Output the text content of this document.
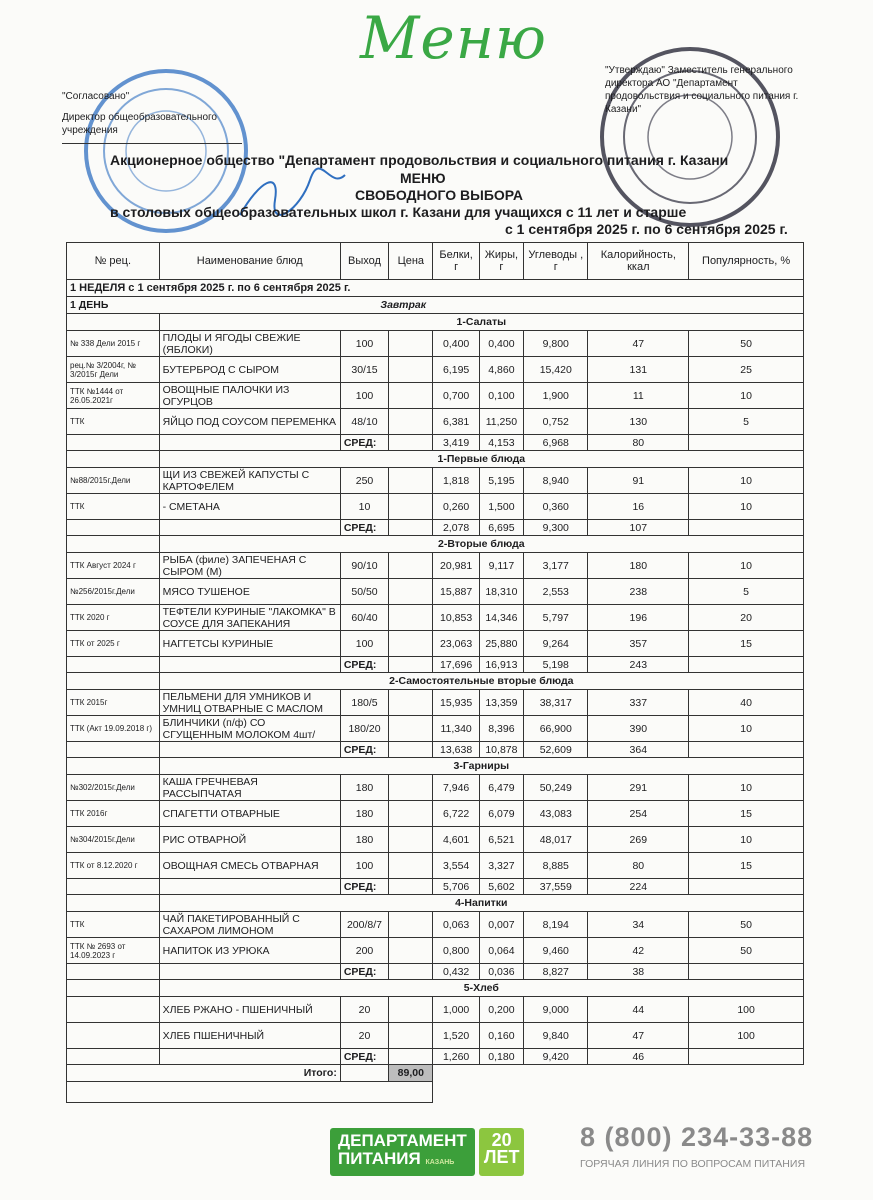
Меню
"Согласовано"
Директор общеобразовательного учреждения
"Утверждаю" Заместитель генерального директора АО "Департамент продовольствия и социального питания г. Казани"
Акционерное общество "Департамент продовольствия и социального питания г. Казани
МЕНЮ
СВОБОДНОГО ВЫБОРА
в столовых общеобразовательных школ г. Казани для учащихся с 11 лет и старше
с 1 сентября 2025 г. по 6 сентября 2025 г.
№ рец.	Наименование блюд	Выход	Цена	Белки, г	Жиры, г	Углеводы , г	Калорийность, ккал	Популярность, %
1 НЕДЕЛЯ с 1 сентября 2025 г. по 6 сентября 2025 г.								
1 ДЕНЬ		Завтрак						
	1-Салаты							
№ 338 Дели 2015 г	ПЛОДЫ И ЯГОДЫ СВЕЖИЕ (ЯБЛОКИ)	100		0,400	0,400	9,800	47	50
рец.№ 3/2004г, № 3/2015г Дели	БУТЕРБРОД С СЫРОМ	30/15		6,195	4,860	15,420	131	25
ТТК №1444 от 26.05.2021г	ОВОЩНЫЕ ПАЛОЧКИ ИЗ ОГУРЦОВ	100		0,700	0,100	1,900	11	10
ТТК	ЯЙЦО ПОД СОУСОМ ПЕРЕМЕНКА	48/10		6,381	11,250	0,752	130	5
		СРЕД:		3,419	4,153	6,968	80	
	1-Первые блюда							
№88/2015г.Дели	ЩИ ИЗ СВЕЖЕЙ КАПУСТЫ С КАРТОФЕЛЕМ	250		1,818	5,195	8,940	91	10
ТТК	- СМЕТАНА	10		0,260	1,500	0,360	16	10
		СРЕД:		2,078	6,695	9,300	107	
	2-Вторые блюда							
ТТК Август 2024 г	РЫБА (филе) ЗАПЕЧЕНАЯ С СЫРОМ (М)	90/10		20,981	9,117	3,177	180	10
№256/2015г.Дели	МЯСО ТУШЕНОЕ	50/50		15,887	18,310	2,553	238	5
ТТК 2020 г	ТЕФТЕЛИ КУРИНЫЕ "ЛАКОМКА" В СОУСЕ ДЛЯ ЗАПЕКАНИЯ	60/40		10,853	14,346	5,797	196	20
ТТК от 2025 г	НАГГЕТСЫ КУРИНЫЕ	100		23,063	25,880	9,264	357	15
		СРЕД:		17,696	16,913	5,198	243	
	2-Самостоятельные вторые блюда							
ТТК 2015г	ПЕЛЬМЕНИ ДЛЯ УМНИКОВ И УМНИЦ ОТВАРНЫЕ С МАСЛОМ	180/5		15,935	13,359	38,317	337	40
ТТК (Акт 19.09.2018 г)	БЛИНЧИКИ (п/ф) СО СГУЩЕННЫМ МОЛОКОМ 4шт/	180/20		11,340	8,396	66,900	390	10
		СРЕД:		13,638	10,878	52,609	364	
	3-Гарниры							
№302/2015г.Дели	КАША ГРЕЧНЕВАЯ РАССЫПЧАТАЯ	180		7,946	6,479	50,249	291	10
ТТК 2016г	СПАГЕТТИ ОТВАРНЫЕ	180		6,722	6,079	43,083	254	15
№304/2015г.Дели	РИС ОТВАРНОЙ	180		4,601	6,521	48,017	269	10
ТТК от 8.12.2020 г	ОВОЩНАЯ СМЕСЬ ОТВАРНАЯ	100		3,554	3,327	8,885	80	15
		СРЕД:		5,706	5,602	37,559	224	
	4-Напитки							
ТТК	ЧАЙ ПАКЕТИРОВАННЫЙ С САХАРОМ ЛИМОНОМ	200/8/7		0,063	0,007	8,194	34	50
ТТК № 2693 от 14.09.2023 г	НАПИТОК ИЗ УРЮКА	200		0,800	0,064	9,460	42	50
		СРЕД:		0,432	0,036	8,827	38	
	5-Хлеб							
	ХЛЕБ РЖАНО - ПШЕНИЧНЫЙ	20		1,000	0,200	9,000	44	100
	ХЛЕБ ПШЕНИЧНЫЙ	20		1,520	0,160	9,840	47	100
		СРЕД:		1,260	0,180	9,420	46	
Итого:			89,00					

ДЕПАРТАМЕНТ
ПИТАНИЯ КАЗАНЬ
20
ЛЕТ
8 (800) 234-33-88
ГОРЯЧАЯ ЛИНИЯ ПО ВОПРОСАМ ПИТАНИЯ
